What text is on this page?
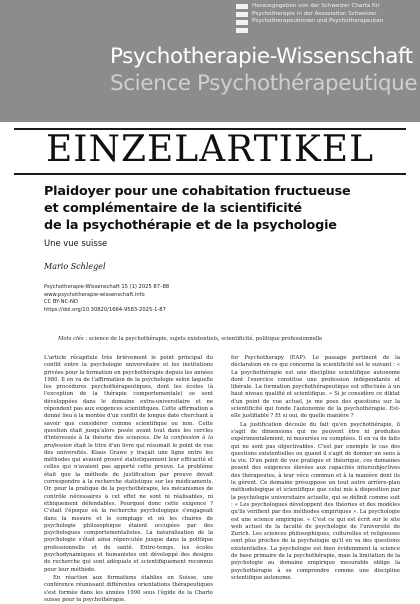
Herausgegeben von der Schweizer Charta für
Psychotherapie in der Assoziation Schweizer
Psychotherapeutinnen und Psychotherapeuten
Psychotherapie-Wissenschaft
Science Psychothérapeutique
EINZELARTIKEL
Plaidoyer pour une cohabitation fructueuse
et complémentaire de la scientificité
de la psychothérapie et de la psychologie
Une vue suisse
Mario Schlegel
Psychotherapie-Wissenschaft 15 (1) 2025 87–88
www.psychotherapie-wissenschaft.info
CC BY-NC-ND
https://doi.org/10.30820/1664-9583-2025-1-87
Mots clés : science de la psychothérapie, sujets existentiels, scientificité, politique professionnelle

L'article récapitule très brièvement le point principal du conflit entre la psychologie universitaire et les institutions privées pour la formation en psychothérapie depuis les années 1980. Il en va de l'affirmation de la psychologie selon laquelle les procédures psychothérapeutiques, dont les écoles (à l'exception de la thérapie comportementale) se sont développées dans le domaine extra-universitaire et ne répondent pas aux exigences scientifiques. Cette affirmation a donné lieu à la montée d'un conflit de longue date cherchant à savoir que considérer comme scientifique ou non. Cette question était jusqu'alors posée avant tout dans les cercles d'intéressés à la théorie des sciences. De la confession à la profession était le titre d'un livre qui résumait le point de vue des universités. Klaus Grawe y traçait une ligne entre les méthodes qui avaient prouvé statistiquement leur efficacité et celles qui n'avaient pas apporté cette preuve. Le problème était que la méthode de justification par preuve devait correspondre à la recherche statistique sur les médicaments. Or, pour la pratique de la psychothérapie, les mécanismes de contrôle nécessaires à cet effet ne sont ni réalisables, ni éthiquement défendables. Pourquoi donc cette exigence ? C'était l'époque où la recherche psychologique s'engageait dans la mesure et le comptage et où les chaires de psychologie philosophique étaient occupées par des psychologues comportementalistes. La naturalisation de la psychologie s'était ainsi répercutée jusque dans la politique professionnelle et de santé. Entre-temps, les écoles psychodynamiques et humanistes ont développé des designs de recherche qui sont adéquats et scientifiquement reconnus pour leur méthode.

En réaction aux formations établies en Suisse, une conférence réunissant différentes orientations thérapeutiques s'est formée dans les années 1990 sous l'égide de la Charte suisse pour la psychothérapie.

for Psychotherapy (EAP). Le passage pertinent de la déclaration en ce qui concerne la scientificité est le suivant : « La psychothérapie est une discipline scientifique autonome dont l'exercice constitue une profession indépendante et libérale. La formation psychothérapeutique est effectuée à un haut niveau qualifié et scientifique. » Si je considère ce diktat d'un point de vue actuel, je me pose des questions sur la scientificité qui fonde l'autonomie de la psychothérapie. Est-elle justifiable ? Et si oui, de quelle manière ?

La justification découle du fait qu'en psychothérapie, il s'agit de dimensions qui ne peuvent être ni produites expérimentalement, ni mesurées ou comptées. Il en va de faits qui ne sont pas objectivables. C'est par exemple le cas des questions existentielles ou quand il s'agit de donner un sens à la vie. D'un point de vue pratique et théorique, ces domaines posent des exigences élevées aux capacités intersubjectives des thérapeutes, à leur vécu commun et à la manière dont ils le gèrent. Ce domaine présuppose un tout autre arrière-plan méthodologique et scientifique que celui mis à disposition par la psychologie universitaire actuelle, qui se définit comme suit : « Les psychologues développent des théories et des modèles qu'ils vérifient par des méthodes empiriques ». La psychologie est une science empirique. « C'est ce qui est écrit sur le site web actuel de la faculté de psychologie de l'université de Zurich. Les sciences philosophiques, culturelles et religieuses sont plus proches de la psychologie qu'il en va des questions existentielles. La psychologie est bien évidemment la science de base primaire de la psychothérapie, mais la limitation de la psychologie au domaine empirique mesurable oblige la psychothérapie à se comprendre comme une discipline scientifique autonome.
